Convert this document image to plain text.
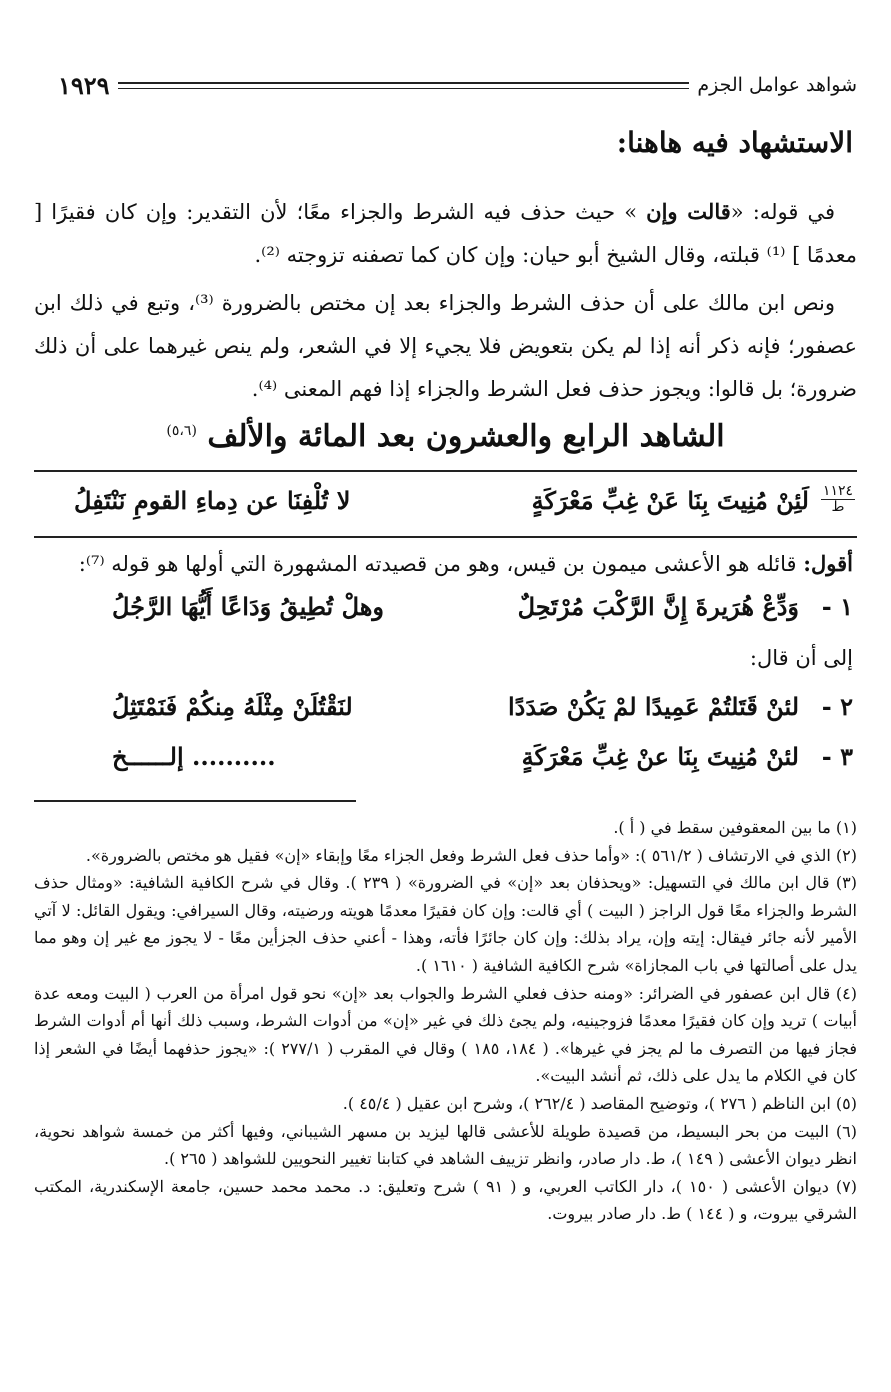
شواهد عوامل الجزم
١٩٢٩
الاستشهاد فيه هاهنا:

في قوله: «قالت وإن » حيث حذف فيه الشرط والجزاء معًا؛ لأن التقدير: وإن كان فقيرًا [ معدمًا ] ⁽¹⁾ قبلته، وقال الشيخ أبو حيان: وإن كان كما تصفنه تزوجته ⁽²⁾.

ونص ابن مالك على أن حذف الشرط والجزاء بعد إن مختص بالضرورة ⁽³⁾، وتبع في ذلك ابن عصفور؛ فإنه ذكر أنه إذا لم يكن بتعويض فلا يجيء إلا في الشعر، ولم ينص غيرهما على أن ذلك ضرورة؛ بل قالوا: ويجوز حذف فعل الشرط والجزاء إذا فهم المعنى ⁽⁴⁾.

الشاهد الرابع والعشرون بعد المائة والألف $^{(٥،٦)}$
١١٢٤
ط
لَئِنْ مُنِيتَ بِنَا عَنْ غِبِّ مَعْرَكَةٍ
لا تُلْفِنَا عن دِماءِ القومِ نَنْتَفِلُ
أقول: قائله هو الأعشى ميمون بن قيس، وهو من قصيدته المشهورة التي أولها هو قوله ⁽⁷⁾:
١ -
وَدِّعْ هُرَيرةَ إِنَّ الرَّكْبَ مُرْتَحِلٌ
وهلْ تُطِيقُ وَدَاعًا أَيُّهَا الرَّجُلُ
إلى أن قال:
٢ -
لئنْ قَتَلتُمْ عَمِيدًا لمْ يَكُنْ صَدَدًا
لنَقْتُلَنْ مِثْلَهُ مِنكُمْ فَنَمْتَثِلُ
٣ -
لئنْ مُنِيتَ بِنَا عنْ غِبِّ مَعْرَكَةٍ
.......... إلــــــخ

(١) ما بين المعقوفين سقط في ( أ ).

(٢) الذي في الارتشاف ( ٥٦١/٢ ): «وأما حذف فعل الشرط وفعل الجزاء معًا وإبقاء «إن» فقيل هو مختص بالضرورة».

(٣) قال ابن مالك في التسهيل: «ويحذفان بعد «إن» في الضرورة» ( ٢٣٩ ). وقال في شرح الكافية الشافية: «ومثال حذف الشرط والجزاء معًا قول الراجز ( البيت ) أي قالت: وإن كان فقيرًا معدمًا هويته ورضيته، وقال السيرافي: ويقول القائل: لا آتي الأمير لأنه جائر فيقال: إيته وإن، يراد بذلك: وإن كان جائرًا فأته، وهذا - أعني حذف الجزأين معًا - لا يجوز مع غير إن وهو مما يدل على أصالتها في باب المجازاة» شرح الكافية الشافية ( ١٦١٠ ).

(٤) قال ابن عصفور في الضرائر: «ومنه حذف فعلي الشرط والجواب بعد «إن» نحو قول امرأة من العرب ( البيت ومعه عدة أبيات ) تريد وإن كان فقيرًا معدمًا فزوجينيه، ولم يجئ ذلك في غير «إن» من أدوات الشرط، وسبب ذلك أنها أم أدوات الشرط فجاز فيها من التصرف ما لم يجز في غيرها». ( ١٨٤، ١٨٥ ) وقال في المقرب ( ٢٧٧/١ ): «يجوز حذفهما أيضًا في الشعر إذا كان في الكلام ما يدل على ذلك، ثم أنشد البيت».

(٥) ابن الناظم ( ٢٧٦ )، وتوضيح المقاصد ( ٢٦٢/٤ )، وشرح ابن عقيل ( ٤٥/٤ ).

(٦) البيت من بحر البسيط، من قصيدة طويلة للأعشى قالها ليزيد بن مسهر الشيباني، وفيها أكثر من خمسة شواهد نحوية، انظر ديوان الأعشى ( ١٤٩ )، ط. دار صادر، وانظر تزييف الشاهد في كتابنا تغيير النحويين للشواهد ( ٢٦٥ ).

(٧) ديوان الأعشى ( ١٥٠ )، دار الكاتب العربي، و ( ٩١ ) شرح وتعليق: د. محمد محمد حسين، جامعة الإسكندرية، المكتب الشرقي بيروت، و ( ١٤٤ ) ط. دار صادر بيروت.
